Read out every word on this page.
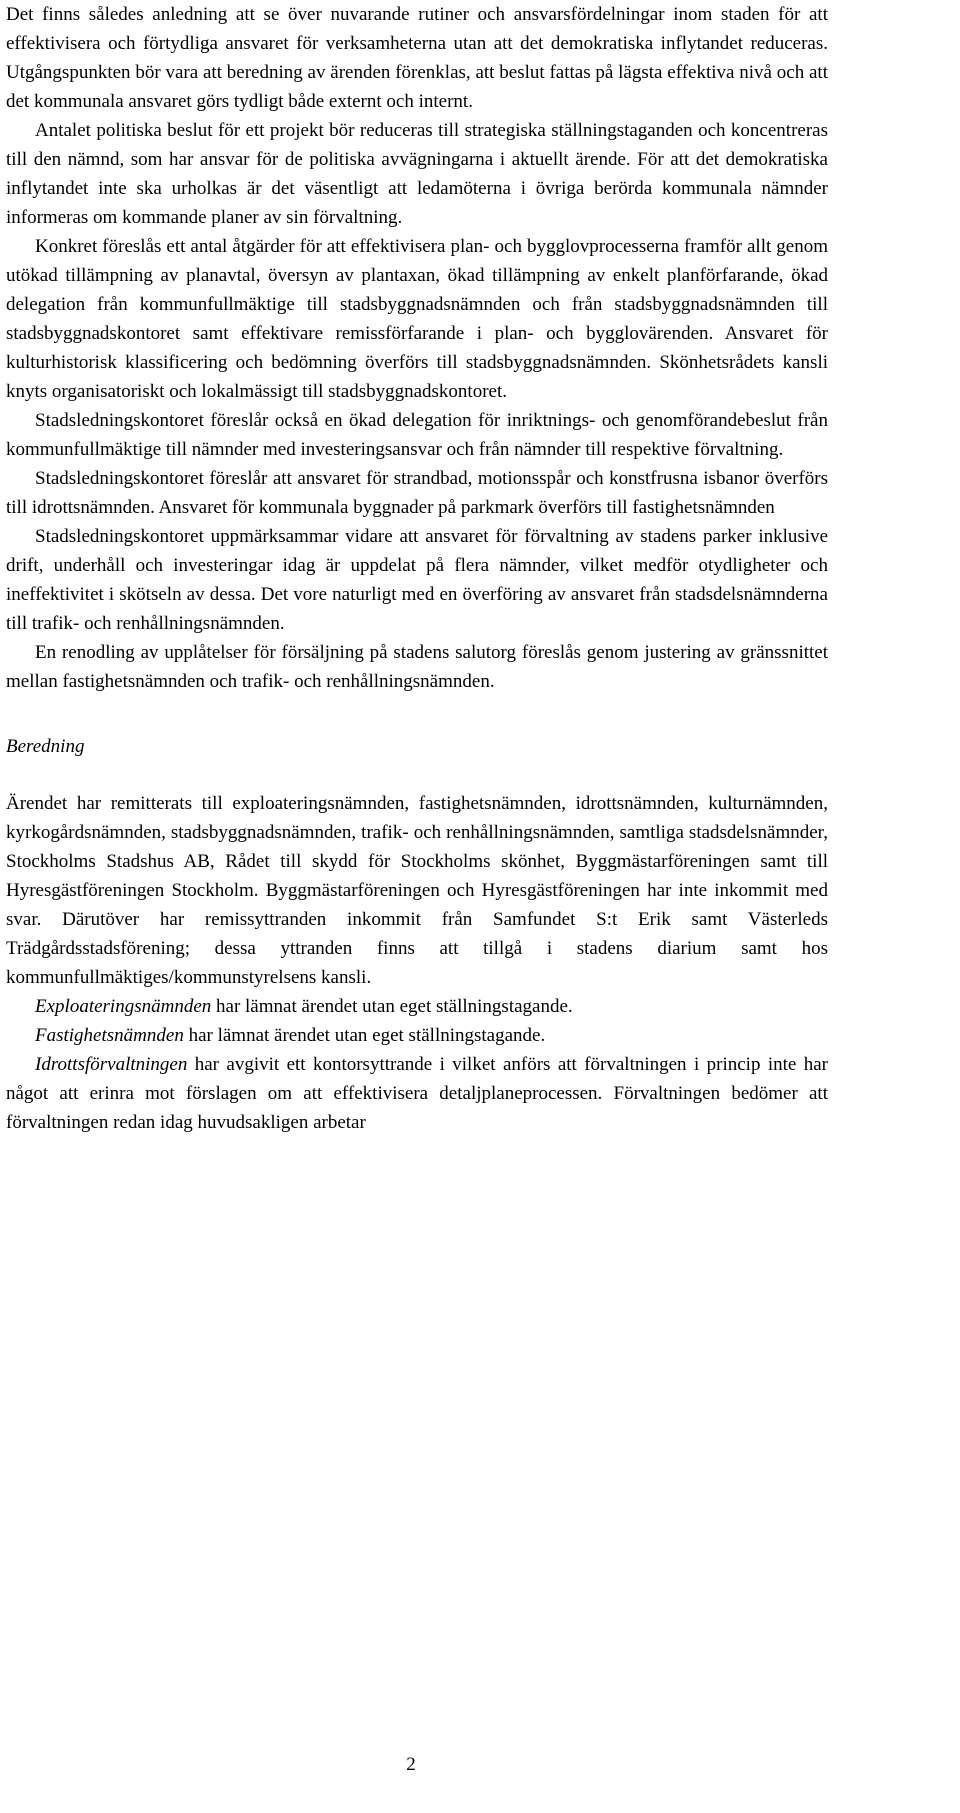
Det finns således anledning att se över nuvarande rutiner och ansvarsfördelningar inom staden för att effektivisera och förtydliga ansvaret för verksamheterna utan att det demokratiska inflytandet reduceras. Utgångspunkten bör vara att beredning av ärenden förenklas, att beslut fattas på lägsta effektiva nivå och att det kommunala ansvaret görs tydligt både externt och internt.

Antalet politiska beslut för ett projekt bör reduceras till strategiska ställningstaganden och koncentreras till den nämnd, som har ansvar för de politiska avvägningarna i aktuellt ärende. För att det demokratiska inflytandet inte ska urholkas är det väsentligt att ledamöterna i övriga berörda kommunala nämnder informeras om kommande planer av sin förvaltning.

Konkret föreslås ett antal åtgärder för att effektivisera plan- och bygglovprocesserna framför allt genom utökad tillämpning av planavtal, översyn av plantaxan, ökad tillämpning av enkelt planförfarande, ökad delegation från kommunfullmäktige till stadsbyggnadsnämnden och från stadsbyggnadsnämnden till stadsbyggnadskontoret samt effektivare remissförfarande i plan- och bygglovärenden. Ansvaret för kulturhistorisk klassificering och bedömning överförs till stadsbyggnadsnämnden. Skönhetsrådets kansli knyts organisatoriskt och lokalmässigt till stadsbyggnadskontoret.

Stadsledningskontoret föreslår också en ökad delegation för inriktnings- och genomförandebeslut från kommunfullmäktige till nämnder med investeringsansvar och från nämnder till respektive förvaltning.

Stadsledningskontoret föreslår att ansvaret för strandbad, motionsspår och konstfrusna isbanor överförs till idrottsnämnden. Ansvaret för kommunala byggnader på parkmark överförs till fastighetsnämnden

Stadsledningskontoret uppmärksammar vidare att ansvaret för förvaltning av stadens parker inklusive drift, underhåll och investeringar idag är uppdelat på flera nämnder, vilket medför otydligheter och ineffektivitet i skötseln av dessa. Det vore naturligt med en överföring av ansvaret från stadsdelsnämnderna till trafik- och renhållningsnämnden.

En renodling av upplåtelser för försäljning på stadens salutorg föreslås genom justering av gränssnittet mellan fastighetsnämnden och trafik- och renhållningsnämnden.

Beredning

Ärendet har remitterats till exploateringsnämnden, fastighetsnämnden, idrottsnämnden, kulturnämnden, kyrkogårdsnämnden, stadsbyggnadsnämnden, trafik- och renhållningsnämnden, samtliga stadsdelsnämnder, Stockholms Stadshus AB, Rådet till skydd för Stockholms skönhet, Byggmästarföreningen samt till Hyresgästföreningen Stockholm. Byggmästarföreningen och Hyresgästföreningen har inte inkommit med svar. Därutöver har remissyttranden inkommit från Samfundet S:t Erik samt Västerleds Trädgårdsstadsförening; dessa yttranden finns att tillgå i stadens diarium samt hos kommunfullmäktiges/kommunstyrelsens kansli.

Exploateringsnämnden har lämnat ärendet utan eget ställningstagande.

Fastighetsnämnden har lämnat ärendet utan eget ställningstagande.

Idrottsförvaltningen har avgivit ett kontorsyttrande i vilket anförs att förvaltningen i princip inte har något att erinra mot förslagen om att effektivisera detaljplaneprocessen. Förvaltningen bedömer att förvaltningen redan idag huvudsakligen arbetar

2
